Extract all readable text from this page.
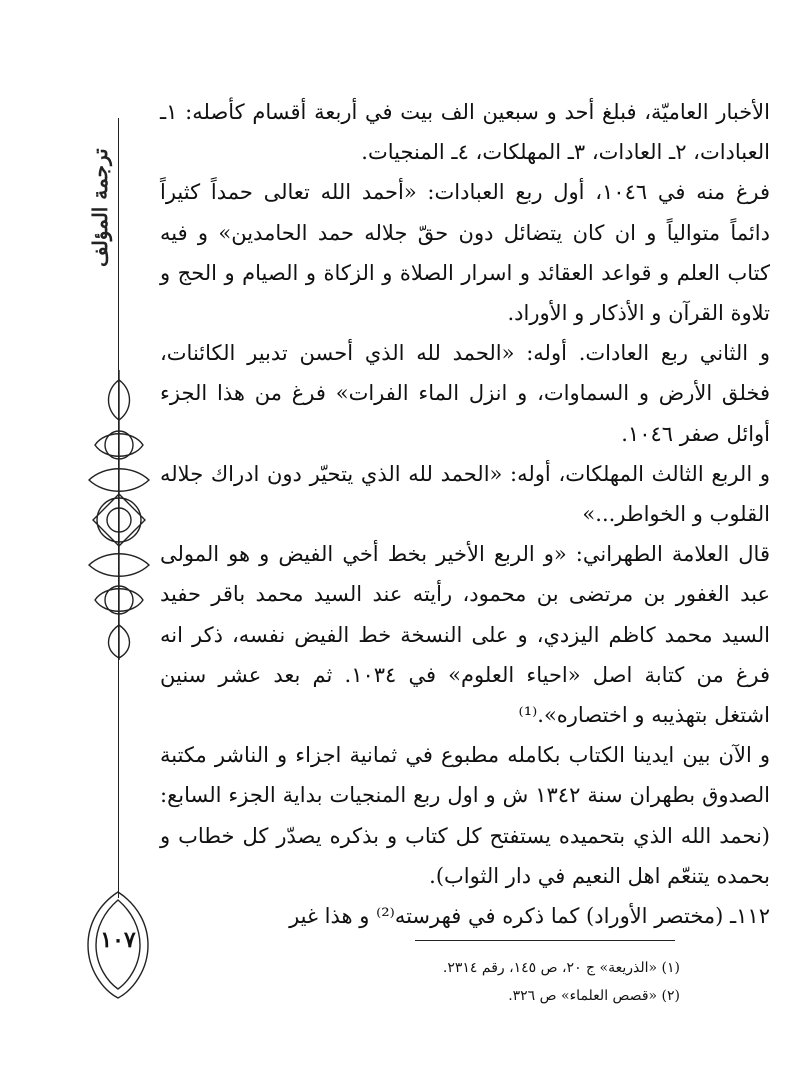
ترجمة المؤلف
١٠٧

الأخبار العاميّة، فبلغ أحد و سبعين الف بيت في أربعة أقسام كأصله: ١ـ العبادات، ٢ـ العادات، ٣ـ المهلكات، ٤ـ المنجيات.

فرغ منه في ١٠٤٦، أول ربع العبادات: «أحمد الله تعالى حمداً كثيراً دائماً متوالياً و ان كان يتضائل دون حقّ جلاله حمد الحامدين» و فيه كتاب العلم و قواعد العقائد و اسرار الصلاة و الزكاة و الصيام و الحج و تلاوة القرآن و الأذكار و الأوراد.

و الثاني ربع العادات. أوله: «الحمد لله الذي أحسن تدبير الكائنات، فخلق الأرض و السماوات، و انزل الماء الفرات» فرغ من هذا الجزء أوائل صفر ١٠٤٦.

و الربع الثالث المهلكات، أوله: «الحمد لله الذي يتحيّر دون ادراك جلاله القلوب و الخواطر...»

قال العلامة الطهراني: «و الربع الأخير بخط أخي الفيض و هو المولى عبد الغفور بن مرتضى بن محمود، رأيته عند السيد محمد باقر حفيد السيد محمد كاظم اليزدي، و على النسخة خط الفيض نفسه، ذكر انه فرغ من كتابة اصل «احياء العلوم» في ١٠٣٤. ثم بعد عشر سنين اشتغل بتهذيبه و اختصاره».⁽¹⁾

و الآن بين ايدينا الكتاب بكامله مطبوع في ثمانية اجزاء و الناشر مكتبة الصدوق بطهران سنة ١٣٤٢ ش و اول ربع المنجيات بداية الجزء السابع: (نحمد الله الذي بتحميده يستفتح كل كتاب و بذكره يصدّر كل خطاب و بحمده يتنعّم اهل النعيم في دار الثواب).

١١٢ـ (مختصر الأوراد) كما ذكره في فهرسته⁽²⁾ و هذا غير

(١) «الذريعة» ج ٢٠، ص ١٤٥، رقم ٢٣١٤.

(٢) «قصص العلماء» ص ٣٢٦.
